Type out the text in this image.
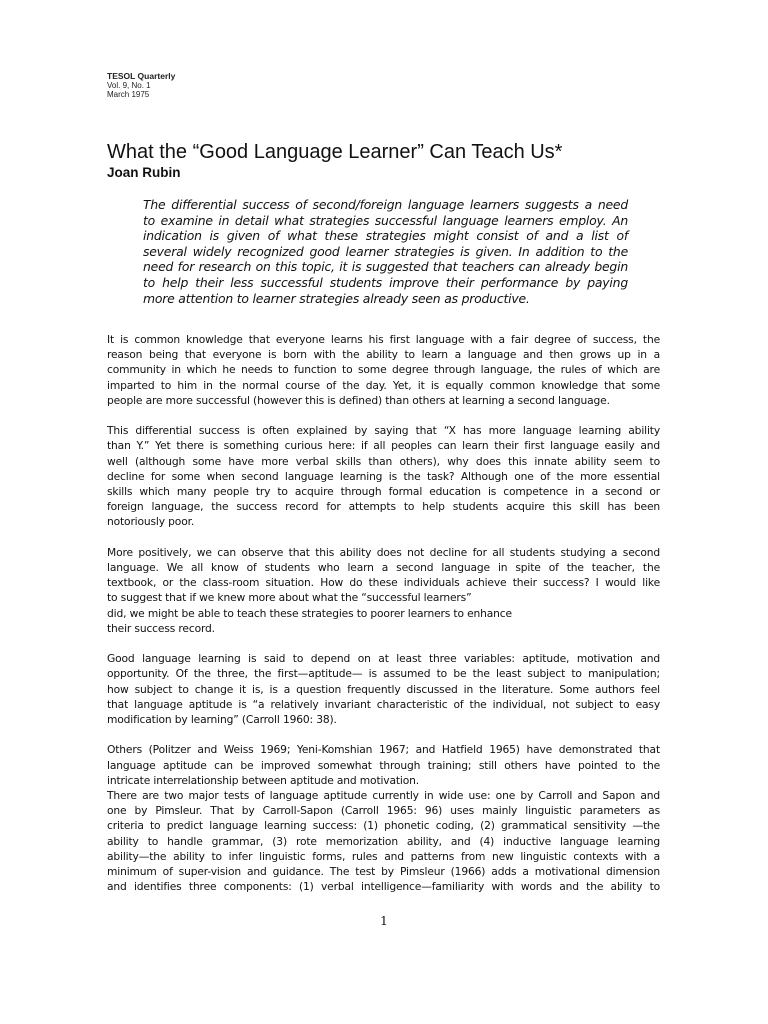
TESOL Quarterly
Vol. 9, No. 1
March 1975
What the “Good Language Learner” Can Teach Us*
Joan Rubin
The differential success of second/foreign language learners suggests a need
to examine in detail what strategies successful language learners employ. An
indication is given of what these strategies might consist of and a list of
several widely recognized good learner strategies is given. In addition to the
need for research on this topic, it is suggested that teachers can already begin
to help their less successful students improve their performance by paying
more attention to learner strategies already seen as productive.

It is common knowledge that everyone learns his first language with a fair degree of success, the
reason being that everyone is born with the ability to learn a language and then grows up in a
community in which he needs to function to some degree through language, the rules of which are
imparted to him in the normal course of the day. Yet, it is equally common knowledge that some
people are more successful (however this is defined) than others at learning a second language.

This differential success is often explained by saying that “X has more language learning ability
than Y.” Yet there is something curious here: if all peoples can learn their first language easily and
well (although some have more verbal skills than others), why does this innate ability seem to
decline for some when second language learning is the task? Although one of the more essential
skills which many people try to acquire through formal education is competence in a second or
foreign language, the success record for attempts to help students acquire this skill has been
notoriously poor.

More positively, we can observe that this ability does not decline for all students studying a second
language. We all know of students who learn a second language in spite of the teacher, the
textbook, or the class-room situation. How do these individuals achieve their success? I would like
to suggest that if we knew more about what the “successful learners”
did, we might be able to teach these strategies to poorer learners to enhance
their success record.

Good language learning is said to depend on at least three variables: aptitude, motivation and
opportunity. Of the three, the first—aptitude— is assumed to be the least subject to manipulation;
how subject to change it is, is a question frequently discussed in the literature. Some authors feel
that language aptitude is “a relatively invariant characteristic of the individual, not subject to easy
modification by learning” (Carroll 1960: 38).

Others (Politzer and Weiss 1969; Yeni-Komshian 1967; and Hatfield 1965) have demonstrated that
language aptitude can be improved somewhat through training; still others have pointed to the
intricate interrelationship between aptitude and motivation.

There are two major tests of language aptitude currently in wide use: one by Carroll and Sapon and
one by Pimsleur. That by Carroll-Sapon (Carroll 1965: 96) uses mainly linguistic parameters as
criteria to predict language learning success: (1) phonetic coding, (2) grammatical sensitivity —the
ability to handle grammar, (3) rote memorization ability, and (4) inductive language learning
ability—the ability to infer linguistic forms, rules and patterns from new linguistic contexts with a
minimum of super-vision and guidance. The test by Pimsleur (1966) adds a motivational dimension
and identifies three components: (1) verbal intelligence—familiarity with words and the ability to

1
